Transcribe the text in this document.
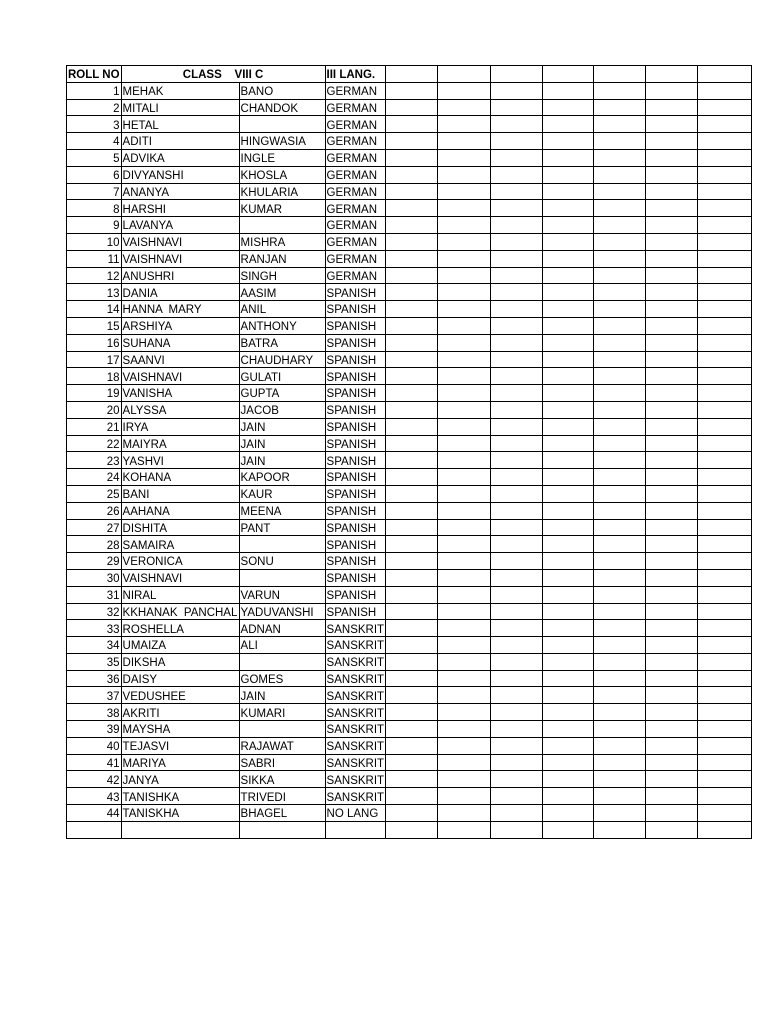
ROLL NO	CLASS    VIII C		III LANG.							
1	MEHAK	BANO	GERMAN							
2	MITALI	CHANDOK	GERMAN							
3	HETAL		GERMAN							
4	ADITI	HINGWASIA	GERMAN							
5	ADVIKA	INGLE	GERMAN							
6	DIVYANSHI	KHOSLA	GERMAN							
7	ANANYA	KHULARIA	GERMAN							
8	HARSHI	KUMAR	GERMAN							
9	LAVANYA		GERMAN							
10	VAISHNAVI	MISHRA	GERMAN							
11	VAISHNAVI	RANJAN	GERMAN							
12	ANUSHRI	SINGH	GERMAN							
13	DANIA	AASIM	SPANISH							
14	HANNA  MARY	ANIL	SPANISH							
15	ARSHIYA	ANTHONY	SPANISH							
16	SUHANA	BATRA	SPANISH							
17	SAANVI	CHAUDHARY	SPANISH							
18	VAISHNAVI	GULATI	SPANISH							
19	VANISHA	GUPTA	SPANISH							
20	ALYSSA	JACOB	SPANISH							
21	IRYA	JAIN	SPANISH							
22	MAIYRA	JAIN	SPANISH							
23	YASHVI	JAIN	SPANISH							
24	KOHANA	KAPOOR	SPANISH							
25	BANI	KAUR	SPANISH							
26	AAHANA	MEENA	SPANISH							
27	DISHITA	PANT	SPANISH							
28	SAMAIRA		SPANISH							
29	VERONICA	SONU	SPANISH							
30	VAISHNAVI		SPANISH							
31	NIRAL	VARUN	SPANISH							
32	KKHANAK  PANCHAL	YADUVANSHI	SPANISH							
33	ROSHELLA	ADNAN	SANSKRIT							
34	UMAIZA	ALI	SANSKRIT							
35	DIKSHA		SANSKRIT							
36	DAISY	GOMES	SANSKRIT							
37	VEDUSHEE	JAIN	SANSKRIT							
38	AKRITI	KUMARI	SANSKRIT							
39	MAYSHA		SANSKRIT							
40	TEJASVI	RAJAWAT	SANSKRIT							
41	MARIYA	SABRI	SANSKRIT							
42	JANYA	SIKKA	SANSKRIT							
43	TANISHKA	TRIVEDI	SANSKRIT							
44	TANISKHA	BHAGEL	NO LANG							
